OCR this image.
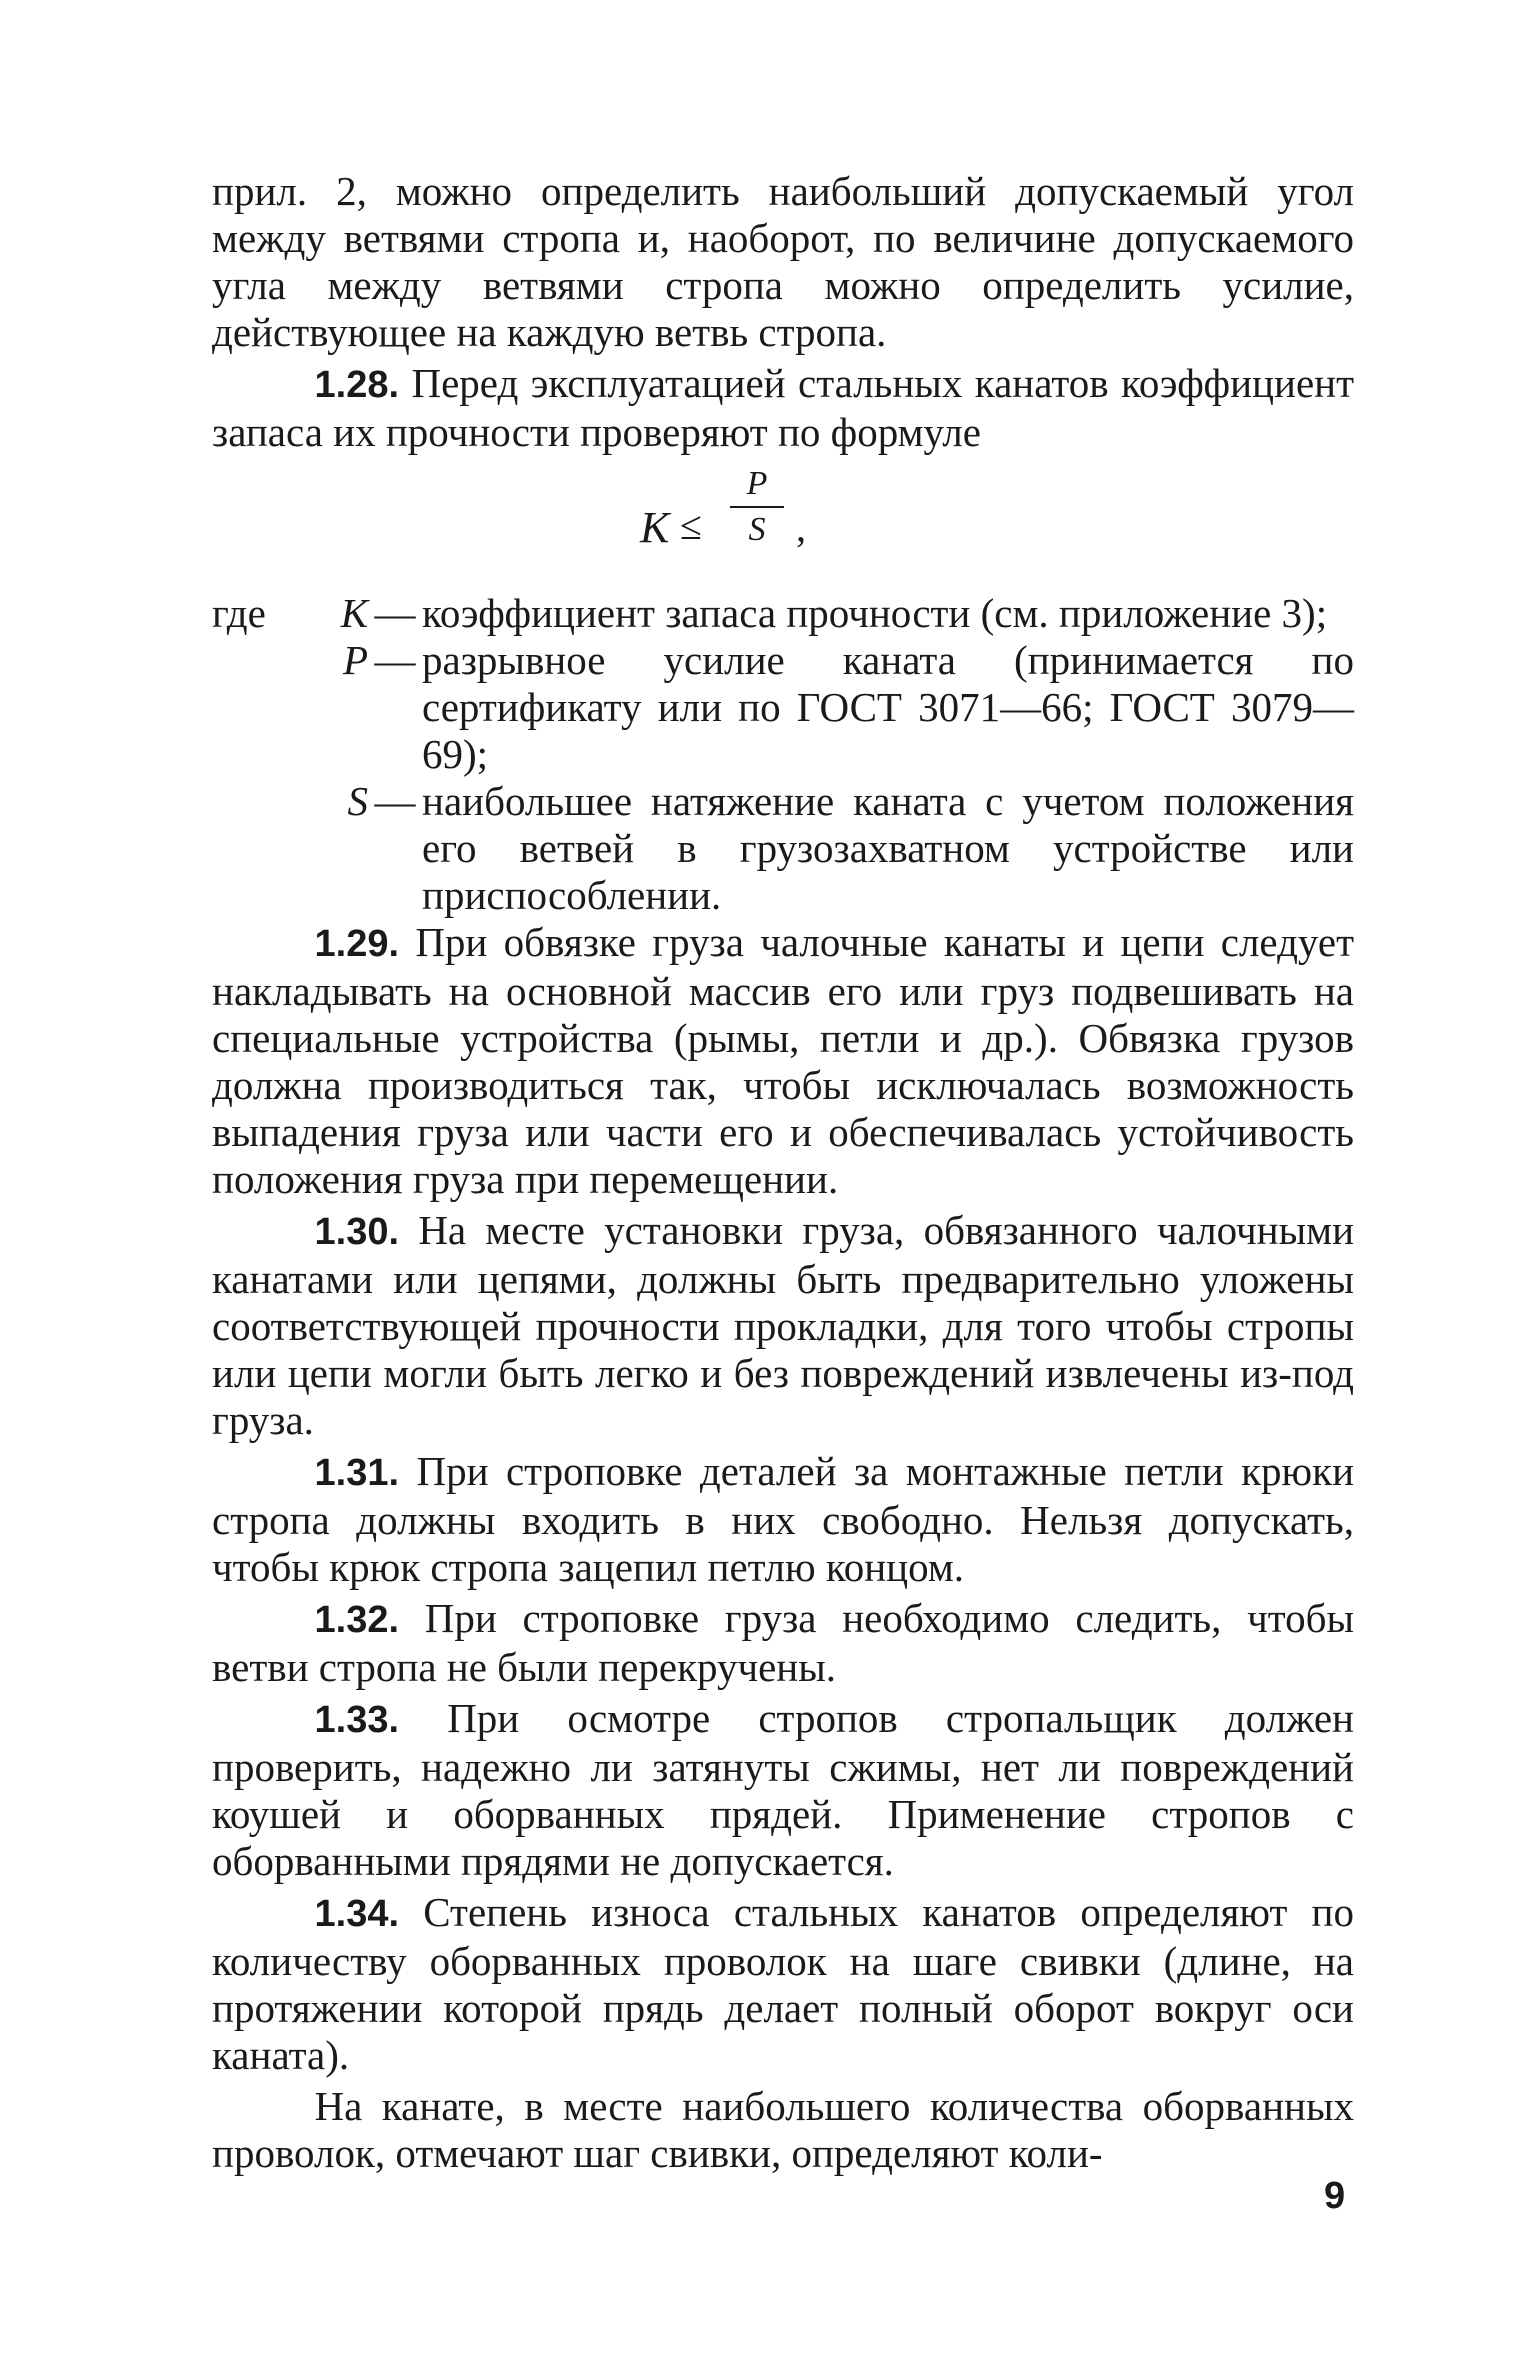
прил. 2, можно определить наибольший допускаемый угол между ветвями стропа и, наоборот, по величине допускаемого угла между ветвями стропа можно определить усилие, действующее на каждую ветвь стропа.

1.28. Перед эксплуатацией стальных канатов коэффициент запаса их прочности проверяют по формуле

K ≤
P
S ,
где	K — коэффициент запаса прочности (см. приложение 3);
P — разрывное усилие каната (принимается по сертификату или по ГОСТ 3071—66; ГОСТ 3079—69);
S — наибольшее натяжение каната с учетом положения его ветвей в грузозахватном устройстве или приспособлении.

1.29. При обвязке груза чалочные канаты и цепи следует накладывать на основной массив его или груз подвешивать на специальные устройства (рымы, петли и др.). Обвязка грузов должна производиться так, чтобы исключалась возможность выпадения груза или части его и обеспечивалась устойчивость положения груза при перемещении.

1.30. На месте установки груза, обвязанного чалочными канатами или цепями, должны быть предварительно уложены соответствующей прочности прокладки, для того чтобы стропы или цепи могли быть легко и без повреждений извлечены из-под груза.

1.31. При строповке деталей за монтажные петли крюки стропа должны входить в них свободно. Нельзя допускать, чтобы крюк стропа зацепил петлю концом.

1.32. При строповке груза необходимо следить, чтобы ветви стропа не были перекручены.

1.33. При осмотре стропов стропальщик должен проверить, надежно ли затянуты сжимы, нет ли повреждений коушей и оборванных прядей. Применение стропов с оборванными прядями не допускается.

1.34. Степень износа стальных канатов определяют по количеству оборванных проволок на шаге свивки (длине, на протяжении которой прядь делает полный оборот вокруг оси каната).

На канате, в месте наибольшего количества оборванных проволок, отмечают шаг свивки, определяют коли-

9
